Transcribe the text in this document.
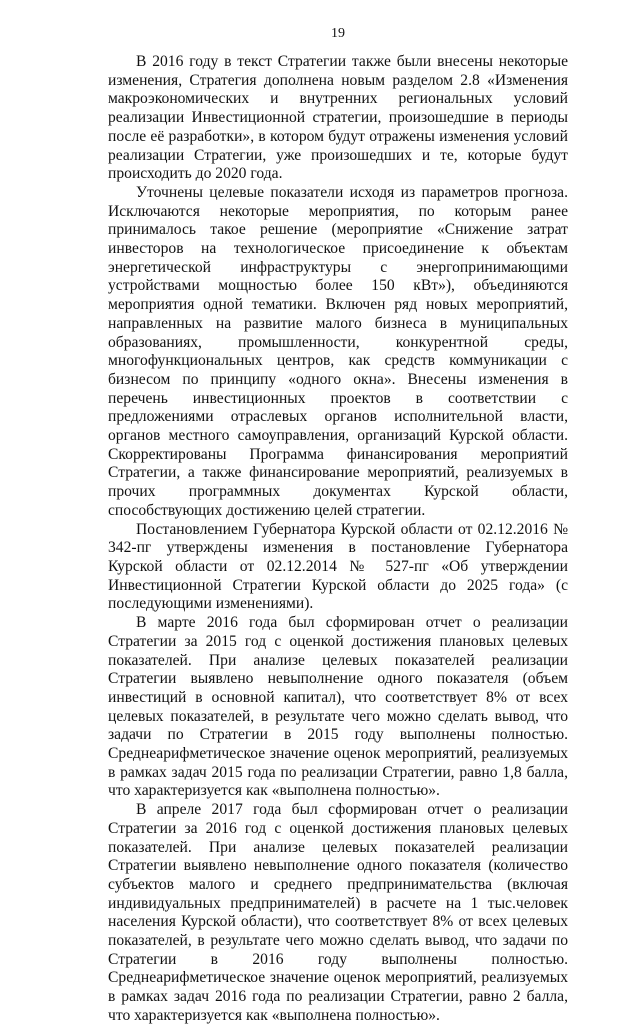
19

В 2016 году в текст Стратегии также были внесены некоторые изменения, Стратегия дополнена новым разделом 2.8 «Изменения макроэкономических и внутренних региональных условий реализации Инвестиционной стратегии, произошедшие в периоды после её разработки», в котором будут отражены изменения условий реализации Стратегии, уже произошедших и те, которые будут происходить до 2020 года.

Уточнены целевые показатели исходя из параметров прогноза. Исключаются некоторые мероприятия, по которым ранее принималось такое решение (мероприятие «Снижение затрат инвесторов на технологическое присоединение к объектам энергетической инфраструктуры с энергопринимающими устройствами мощностью более 150 кВт»), объединяются мероприятия одной тематики. Включен ряд новых мероприятий, направленных на развитие малого бизнеса в муниципальных образованиях, промышленности, конкурентной среды, многофункциональных центров, как средств коммуникации с бизнесом по принципу «одного окна». Внесены изменения в перечень инвестиционных проектов в соответствии с предложениями отраслевых органов исполнительной власти, органов местного самоуправления, организаций Курской области. Скорректированы Программа финансирования мероприятий Стратегии, а также финансирование мероприятий, реализуемых в прочих программных документах Курской области, способствующих достижению целей стратегии.

Постановлением Губернатора Курской области от 02.12.2016 № 342-пг утверждены изменения в постановление Губернатора Курской области от 02.12.2014 № 527-пг «Об утверждении Инвестиционной Стратегии Курской области до 2025 года» (с последующими изменениями).

В марте 2016 года был сформирован отчет о реализации Стратегии за 2015 год с оценкой достижения плановых целевых показателей. При анализе целевых показателей реализации Стратегии выявлено невыполнение одного показателя (объем инвестиций в основной капитал), что соответствует 8% от всех целевых показателей, в результате чего можно сделать вывод, что задачи по Стратегии в 2015 году выполнены полностью. Среднеарифметическое значение оценок мероприятий, реализуемых в рамках задач 2015 года по реализации Стратегии, равно 1,8 балла, что характеризуется как «выполнена полностью».

В апреле 2017 года был сформирован отчет о реализации Стратегии за 2016 год с оценкой достижения плановых целевых показателей. При анализе целевых показателей реализации Стратегии выявлено невыполнение одного показателя (количество субъектов малого и среднего предпринимательства (включая индивидуальных предпринимателей) в расчете на 1 тыс.человек населения Курской области), что соответствует 8% от всех целевых показателей, в результате чего можно сделать вывод, что задачи по Стратегии в 2016 году выполнены полностью. Среднеарифметическое значение оценок мероприятий, реализуемых в рамках задач 2016 года по реализации Стратегии, равно 2 балла, что характеризуется как «выполнена полностью».
